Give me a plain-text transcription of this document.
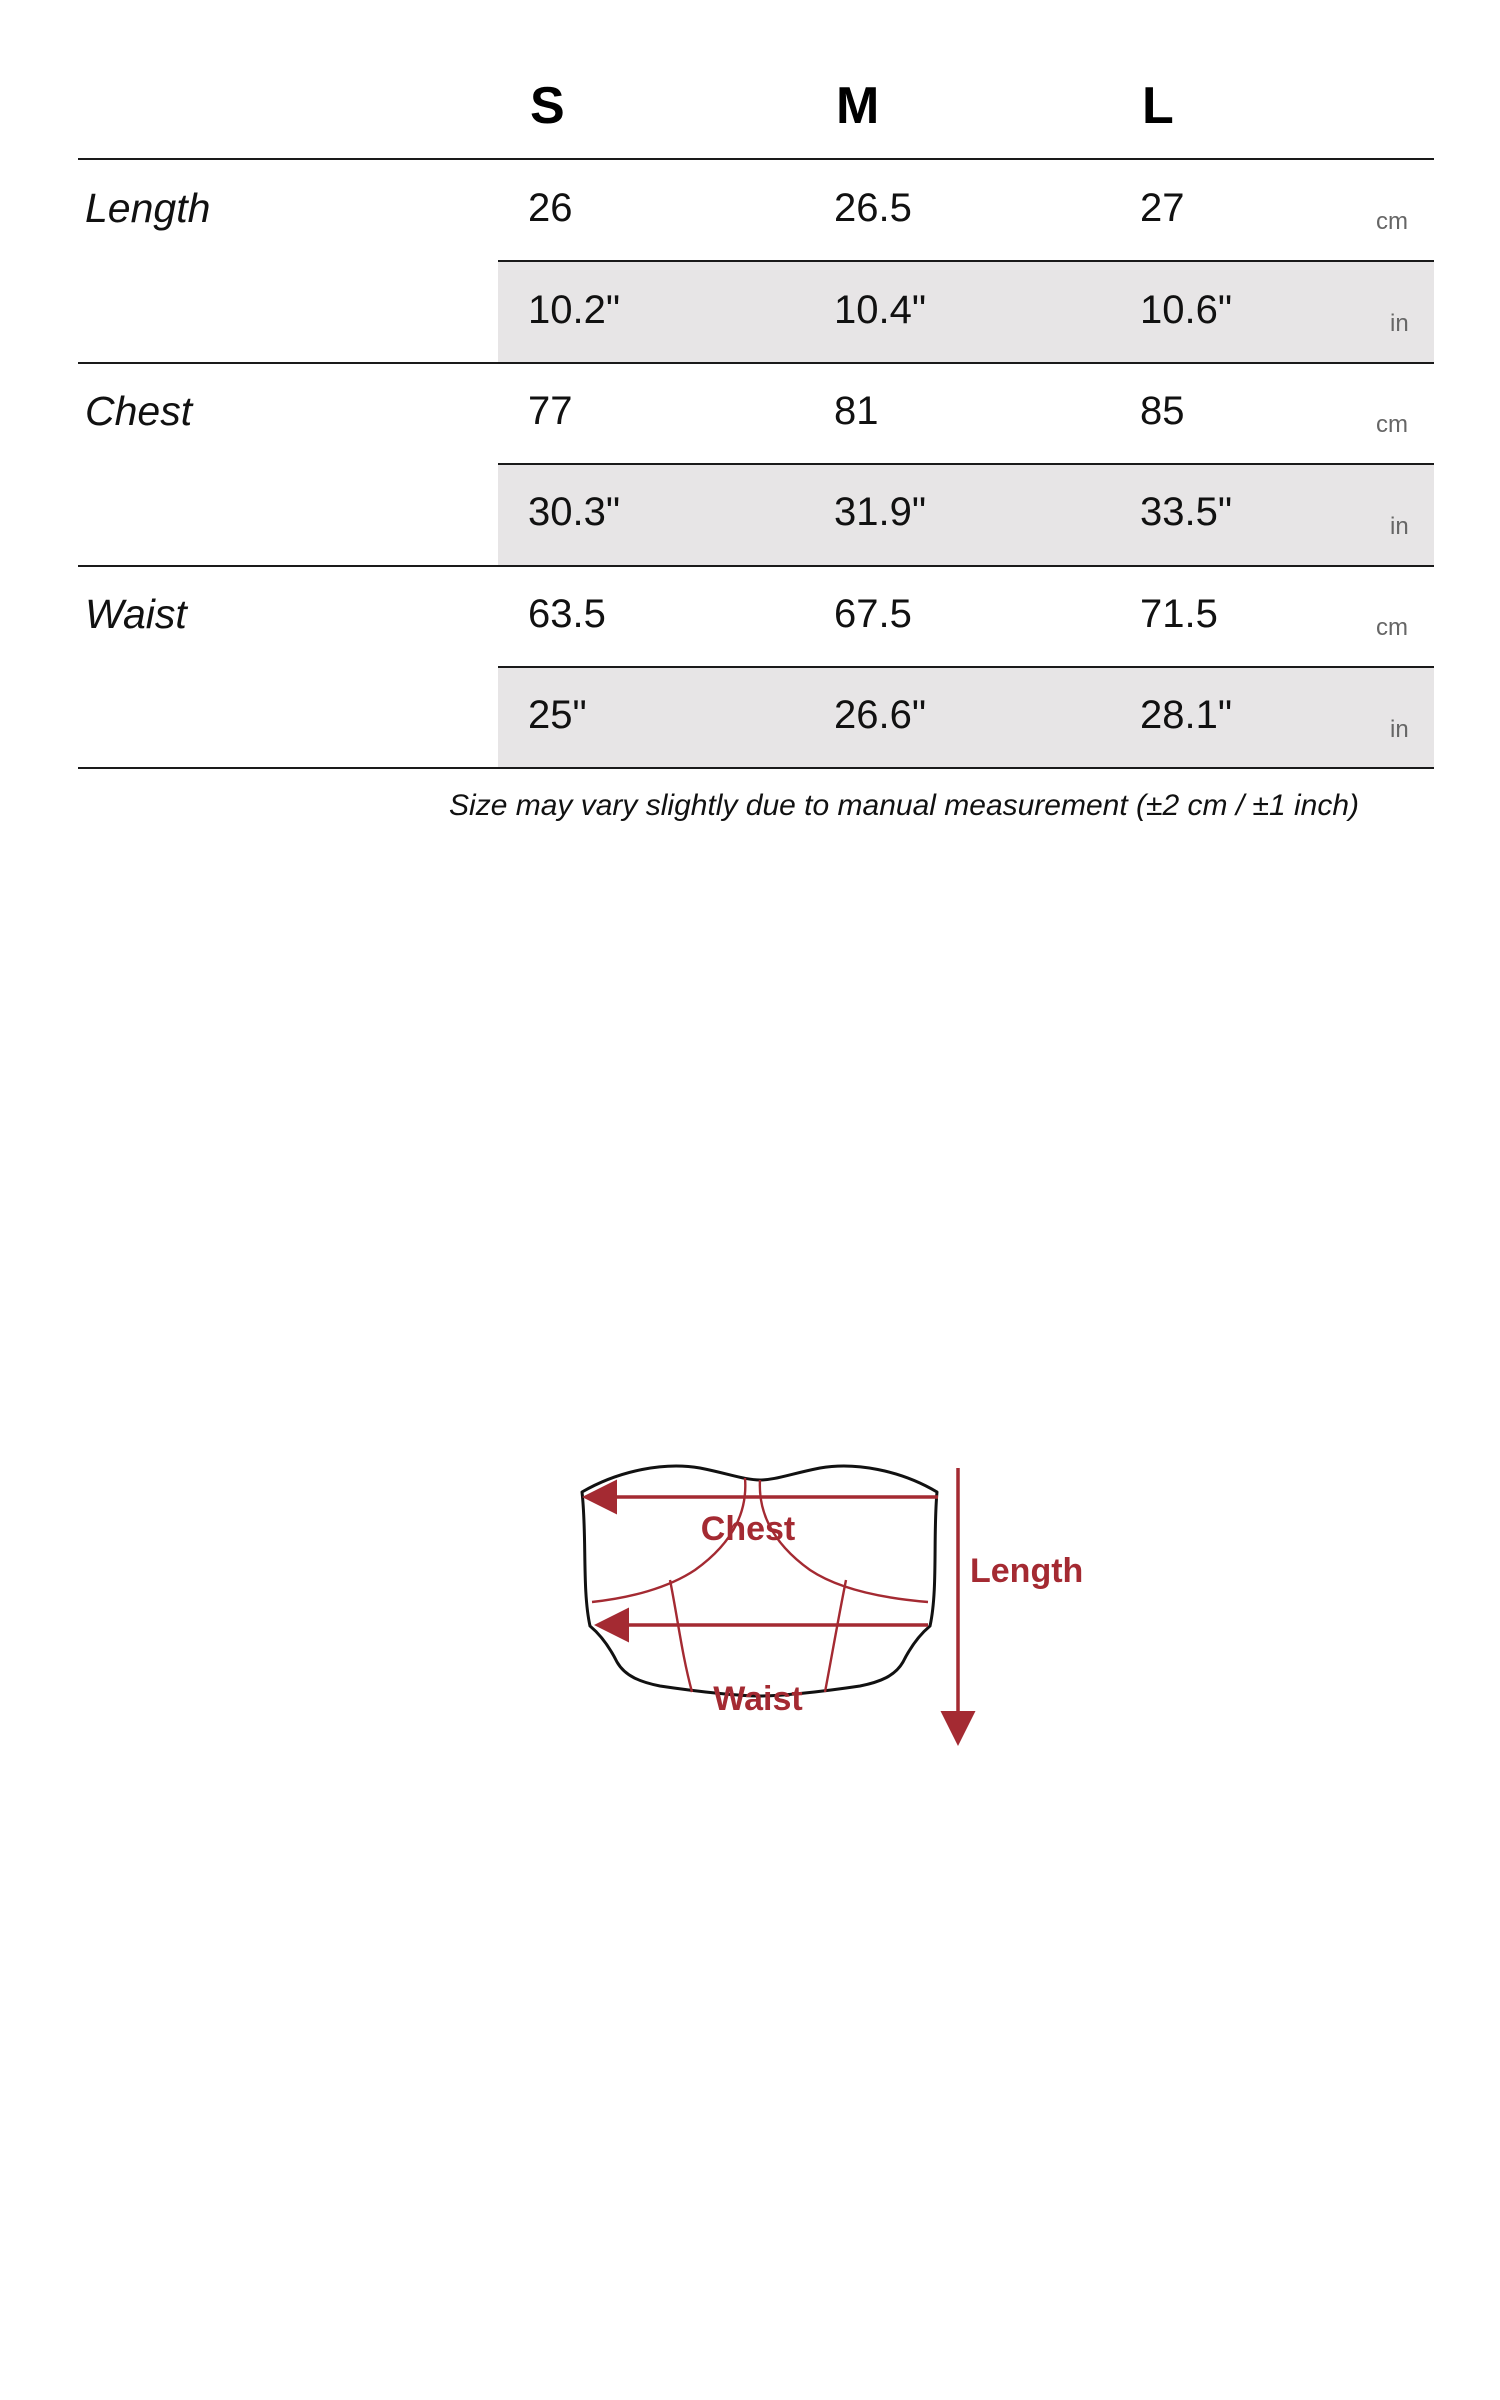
S	M	L
Length	26	26.5	27	cm
10.2"	10.4"	10.6"	in
Chest	77	81	85	cm
30.3"	31.9"	33.5"	in
Waist	63.5	67.5	71.5	cm
25"	26.6"	28.1"	in
Size may vary slightly due to manual measurement (±2 cm / ±1 inch)
Chest
Waist
Length
